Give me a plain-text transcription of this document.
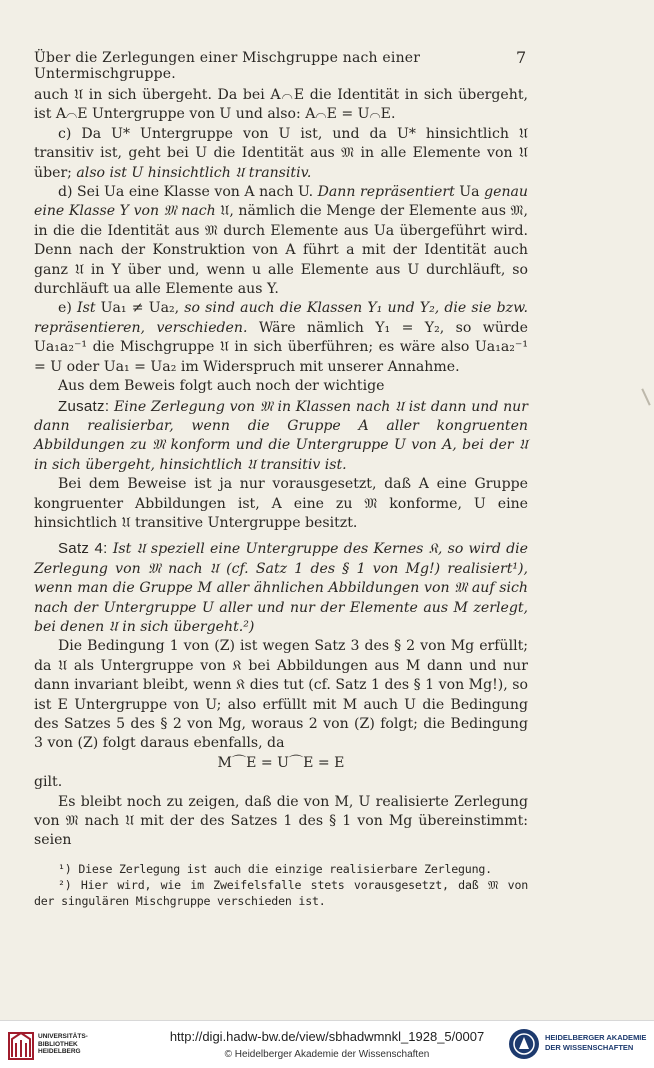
Über die Zerlegungen einer Mischgruppe nach einer Untermischgruppe.
7

auch 𝔘 in sich übergeht. Da bei A⌒E die Identität in sich übergeht, ist A⌒E Untergruppe von U und also: A⌒E = U⌒E.

c) Da U* Untergruppe von U ist, und da U* hinsichtlich 𝔘 transitiv ist, geht bei U die Identität aus 𝔐 in alle Elemente von 𝔘 über; also ist U hinsichtlich 𝔘 transitiv.

d) Sei Ua eine Klasse von A nach U. Dann repräsentiert Ua genau eine Klasse Y von 𝔐 nach 𝔘, nämlich die Menge der Elemente aus 𝔐, in die die Identität aus 𝔐 durch Elemente aus Ua übergeführt wird. Denn nach der Konstruktion von A führt a mit der Identität auch ganz 𝔘 in Y über und, wenn u alle Elemente aus U durchläuft, so durchläuft ua alle Elemente aus Y.

e) Ist Ua₁ ≠ Ua₂, so sind auch die Klassen Y₁ und Y₂, die sie bzw. repräsentieren, verschieden. Wäre nämlich Y₁ = Y₂, so würde Ua₁a₂⁻¹ die Mischgruppe 𝔘 in sich überführen; es wäre also Ua₁a₂⁻¹ = U oder Ua₁ = Ua₂ im Widerspruch mit unserer Annahme.

Aus dem Beweis folgt auch noch der wichtige

Zusatz: Eine Zerlegung von 𝔐 in Klassen nach 𝔘 ist dann und nur dann realisierbar, wenn die Gruppe A aller kongruenten Abbildungen zu 𝔐 konform und die Untergruppe U von A, bei der 𝔘 in sich übergeht, hinsichtlich 𝔘 transitiv ist.

Bei dem Beweise ist ja nur vorausgesetzt, daß A eine Gruppe kongruenter Abbildungen ist, A eine zu 𝔐 konforme, U eine hinsichtlich 𝔘 transitive Untergruppe besitzt.

Satz 4: Ist 𝔘 speziell eine Untergruppe des Kernes 𝔎, so wird die Zerlegung von 𝔐 nach 𝔘 (cf. Satz 1 des § 1 von Mg!) realisiert¹), wenn man die Gruppe M aller ähnlichen Abbildungen von 𝔐 auf sich nach der Untergruppe U aller und nur der Elemente aus M zerlegt, bei denen 𝔘 in sich übergeht.²)

Die Bedingung 1 von (Z) ist wegen Satz 3 des § 2 von Mg erfüllt; da 𝔘 als Untergruppe von 𝔎 bei Abbildungen aus M dann und nur dann invariant bleibt, wenn 𝔎 dies tut (cf. Satz 1 des § 1 von Mg!), so ist E Untergruppe von U; also erfüllt mit M auch U die Bedingung des Satzes 5 des § 2 von Mg, woraus 2 von (Z) folgt; die Bedingung 3 von (Z) folgt daraus ebenfalls, da

M⌒E = U⌒E = E

gilt.

Es bleibt noch zu zeigen, daß die von M, U realisierte Zerlegung von 𝔐 nach 𝔘 mit der des Satzes 1 des § 1 von Mg übereinstimmt: seien

¹) Diese Zerlegung ist auch die einzige realisierbare Zerlegung.

²) Hier wird, wie im Zweifelsfalle stets vorausgesetzt, daß 𝔐 von der singulären Mischgruppe verschieden ist.

UNIVERSITÄTS-
BIBLIOTHEK
HEIDELBERG
http://digi.hadw-bw.de/view/sbhadwmnkl_1928_5/0007
© Heidelberger Akademie der Wissenschaften
HEIDELBERGER AKADEMIE
DER WISSENSCHAFTEN
